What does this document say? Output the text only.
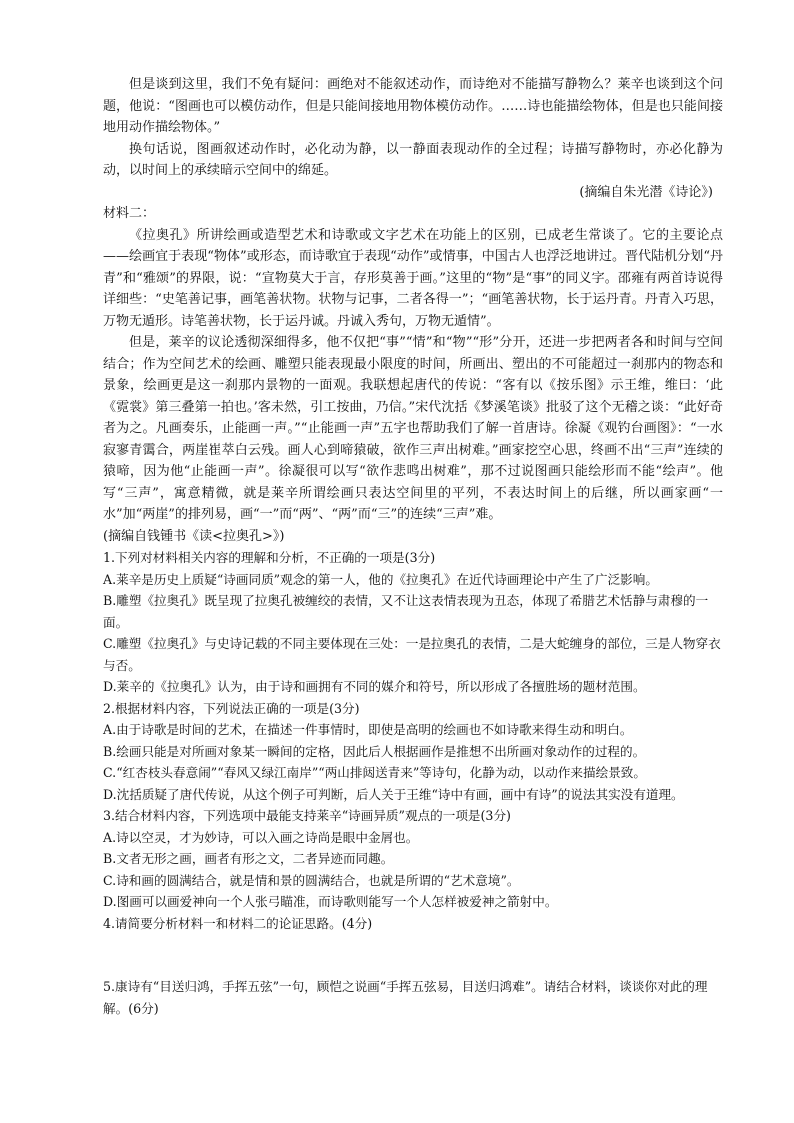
但是谈到这里，我们不免有疑问：画绝对不能叙述动作，而诗绝对不能描写静物么？莱辛也谈到这个问题，他说：“图画也可以模仿动作，但是只能间接地用物体模仿动作。……诗也能描绘物体，但是也只能间接地用动作描绘物体。”

换句话说，图画叙述动作时，必化动为静，以一静面表现动作的全过程；诗描写静物时，亦必化静为动，以时间上的承续暗示空间中的绵延。

(摘编自朱光潜《诗论》)

材料二：

《拉奥孔》所讲绘画或造型艺术和诗歌或文字艺术在功能上的区别，已成老生常谈了。它的主要论点——绘画宜于表现“物体”或形态，而诗歌宜于表现“动作”或情事，中国古人也浮泛地讲过。晋代陆机分划“丹青”和“雅颂”的界限，说：“宣物莫大于言，存形莫善于画。”这里的“物”是“事”的同义字。邵雍有两首诗说得详细些：“史笔善记事，画笔善状物。状物与记事，二者各得一”；“画笔善状物，长于运丹青。丹青入巧思，万物无遁形。诗笔善状物，长于运丹诚。丹诚入秀句，万物无遁情”。

但是，莱辛的议论透彻深细得多，他不仅把“事”“情”和“物”“形”分开，还进一步把两者各和时间与空间结合；作为空间艺术的绘画、雕塑只能表现最小限度的时间，所画出、塑出的不可能超过一刹那内的物态和景象，绘画更是这一刹那内景物的一面观。我联想起唐代的传说：“客有以《按乐图》示王维，维曰：‘此《霓裳》第三叠第一拍也。’客未然，引工按曲，乃信。”宋代沈括《梦溪笔谈》批驳了这个无稽之谈：“此好奇者为之。凡画奏乐，止能画一声。”“止能画一声”五字也帮助我们了解一首唐诗。徐凝《观钓台画图》：“一水寂寥青霭合，两崖崔萃白云残。画人心到啼猿破，欲作三声出树难。”画家挖空心思，终画不出“三声”连续的猿啼，因为他“止能画一声”。徐凝很可以写“欲作悲鸣出树难”，那不过说图画只能绘形而不能“绘声”。他写“三声”，寓意精微，就是莱辛所谓绘画只表达空间里的平列，不表达时间上的后继，所以画家画“一水”加“两崖”的排列易，画“一”而“两”、“两”而“三”的连续“三声”难。

(摘编自钱锺书《读<拉奥孔>》)

1.下列对材料相关内容的理解和分析，不正确的一项是(3分)

A.莱辛是历史上质疑“诗画同质”观念的第一人，他的《拉奥孔》在近代诗画理论中产生了广泛影响。

B.雕塑《拉奥孔》既呈现了拉奥孔被缠绞的表情，又不让这表情表现为丑态，体现了希腊艺术恬静与肃穆的一面。

C.雕塑《拉奥孔》与史诗记载的不同主要体现在三处：一是拉奥孔的表情，二是大蛇缠身的部位，三是人物穿衣与否。

D.莱辛的《拉奥孔》认为，由于诗和画拥有不同的媒介和符号，所以形成了各擅胜场的题材范围。

2.根据材料内容，下列说法正确的一项是(3分)

A.由于诗歌是时间的艺术，在描述一件事情时，即使是高明的绘画也不如诗歌来得生动和明白。

B.绘画只能是对所画对象某一瞬间的定格，因此后人根据画作是推想不出所画对象动作的过程的。

C.“红杏枝头春意闹”“春风又绿江南岸”“两山排闼送青来”等诗句，化静为动，以动作来描绘景致。

D.沈括质疑了唐代传说，从这个例子可判断，后人关于王维“诗中有画，画中有诗”的说法其实没有道理。

3.结合材料内容，下列选项中最能支持莱辛“诗画异质”观点的一项是(3分)

A.诗以空灵，才为妙诗，可以入画之诗尚是眼中金屑也。

B.文者无形之画，画者有形之文，二者异迹而同趣。

C.诗和画的圆满结合，就是情和景的圆满结合，也就是所谓的“艺术意境”。

D.图画可以画爱神向一个人张弓瞄准，而诗歌则能写一个人怎样被爱神之箭射中。

4.请简要分析材料一和材料二的论证思路。(4分)

5.康诗有“目送归鸿，手挥五弦”一句，顾恺之说画“手挥五弦易，目送归鸿难”。请结合材料，谈谈你对此的理解。(6分)
